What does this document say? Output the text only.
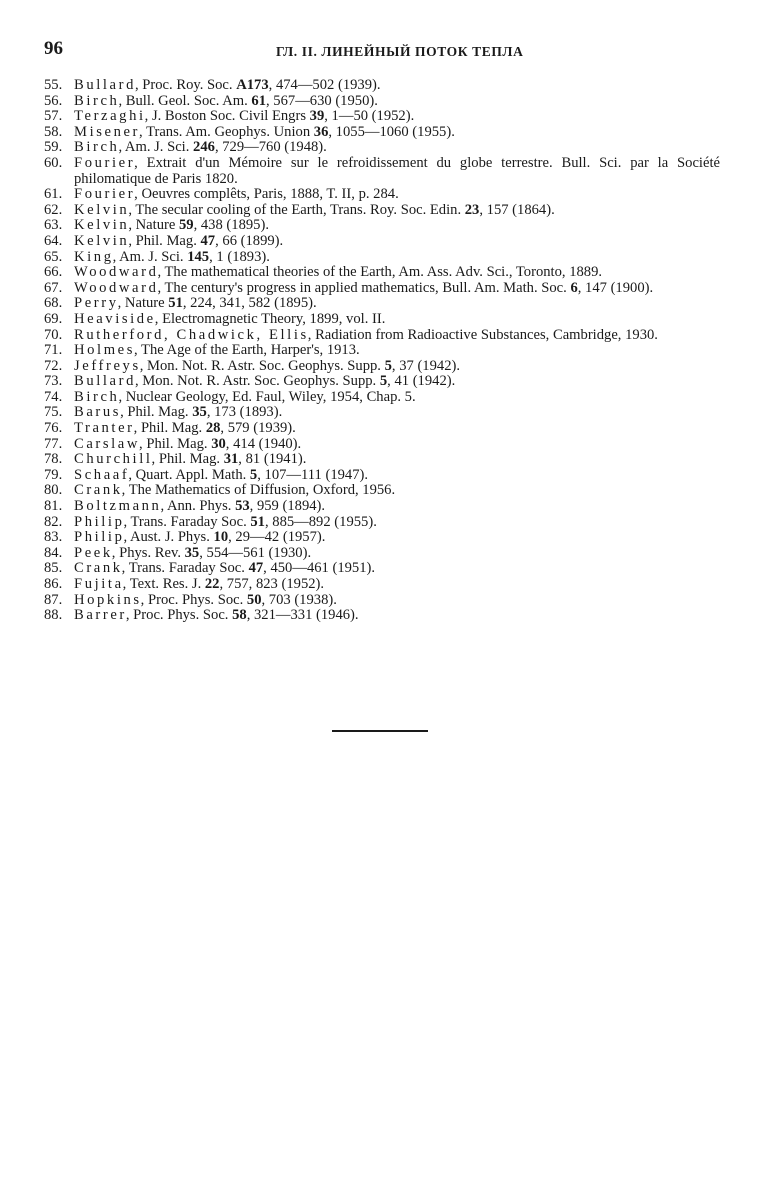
96	ГЛ. II. ЛИНЕЙНЫЙ ПОТОК ТЕПЛА
55. Bullard, Proc. Roy. Soc. A173, 474—502 (1939).
56. Birch, Bull. Geol. Soc. Am. 61, 567—630 (1950).
57. Terzaghi, J. Boston Soc. Civil Engrs 39, 1—50 (1952).
58. Misener, Trans. Am. Geophys. Union 36, 1055—1060 (1955).
59. Birch, Am. J. Sci. 246, 729—760 (1948).
60. Fourier, Extrait d'un Mémoire sur le refroidissement du globe terrestre. Bull. Sci. par la Société philomatique de Paris 1820.
61. Fourier, Oeuvres complêts, Paris, 1888, T. II, p. 284.
62. Kelvin, The secular cooling of the Earth, Trans. Roy. Soc. Edin. 23, 157 (1864).
63. Kelvin, Nature 59, 438 (1895).
64. Kelvin, Phil. Mag. 47, 66 (1899).
65. King, Am. J. Sci. 145, 1 (1893).
66. Woodward, The mathematical theories of the Earth, Am. Ass. Adv. Sci., Toronto, 1889.
67. Woodward, The century's progress in applied mathematics, Bull. Am. Math. Soc. 6, 147 (1900).
68. Perry, Nature 51, 224, 341, 582 (1895).
69. Heaviside, Electromagnetic Theory, 1899, vol. II.
70. Rutherford, Chadwick, Ellis, Radiation from Radioactive Substances, Cambridge, 1930.
71. Holmes, The Age of the Earth, Harper's, 1913.
72. Jeffreys, Mon. Not. R. Astr. Soc. Geophys. Supp. 5, 37 (1942).
73. Bullard, Mon. Not. R. Astr. Soc. Geophys. Supp. 5, 41 (1942).
74. Birch, Nuclear Geology, Ed. Faul, Wiley, 1954, Chap. 5.
75. Barus, Phil. Mag. 35, 173 (1893).
76. Tranter, Phil. Mag. 28, 579 (1939).
77. Carslaw, Phil. Mag. 30, 414 (1940).
78. Churchill, Phil. Mag. 31, 81 (1941).
79. Schaaf, Quart. Appl. Math. 5, 107—111 (1947).
80. Crank, The Mathematics of Diffusion, Oxford, 1956.
81. Boltzmann, Ann. Phys. 53, 959 (1894).
82. Philip, Trans. Faraday Soc. 51, 885—892 (1955).
83. Philip, Aust. J. Phys. 10, 29—42 (1957).
84. Peek, Phys. Rev. 35, 554—561 (1930).
85. Crank, Trans. Faraday Soc. 47, 450—461 (1951).
86. Fujita, Text. Res. J. 22, 757, 823 (1952).
87. Hopkins, Proc. Phys. Soc. 50, 703 (1938).
88. Barrer, Proc. Phys. Soc. 58, 321—331 (1946).
